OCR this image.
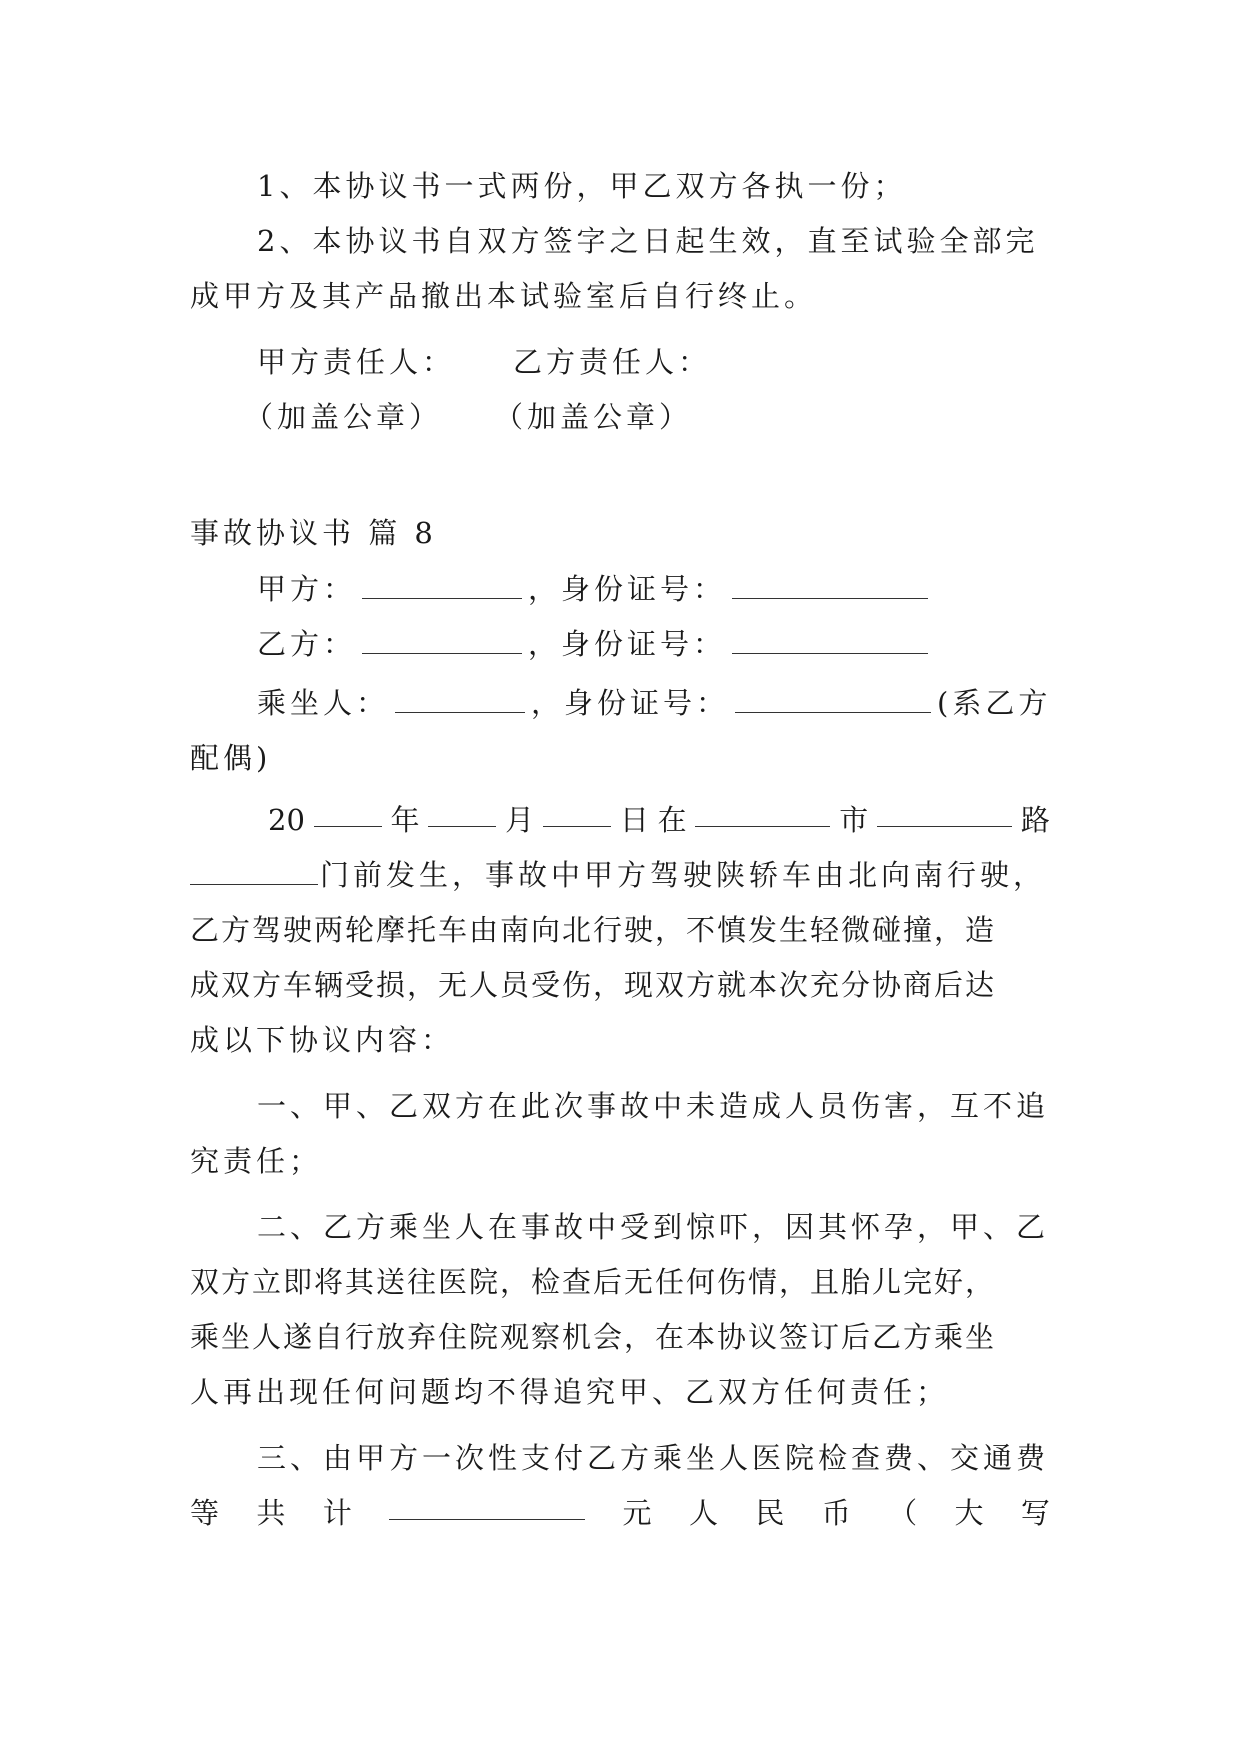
1、本协议书一式两份，甲乙双方各执一份；
2、本协议书自双方签字之日起生效，直至试验全部完
成甲方及其产品撤出本试验室后自行终止。
甲方责任人： 乙方责任人：
（加盖公章） （加盖公章）
事故协议书 篇 8
甲方：	，身份证号：
乙方：	，身份证号：
乘坐人：	，身份证号：	(系乙方
配偶)
20	年	月	日 在	市	路
门前发生，事故中甲方驾驶陕轿车由北向南行驶，
乙方驾驶两轮摩托车由南向北行驶，不慎发生轻微碰撞，造
成双方车辆受损，无人员受伤，现双方就本次充分协商后达
成以下协议内容：
一、甲、乙双方在此次事故中未造成人员伤害，互不追
究责任；
二、乙方乘坐人在事故中受到惊吓，因其怀孕，甲、乙
双方立即将其送往医院，检查后无任何伤情，且胎儿完好，
乘坐人遂自行放弃住院观察机会，在本协议签订后乙方乘坐
人再出现任何问题均不得追究甲、乙双方任何责任；
三、由甲方一次性支付乙方乘坐人医院检查费、交通费
等 共 计	元 人 民 币 （ 大 写
